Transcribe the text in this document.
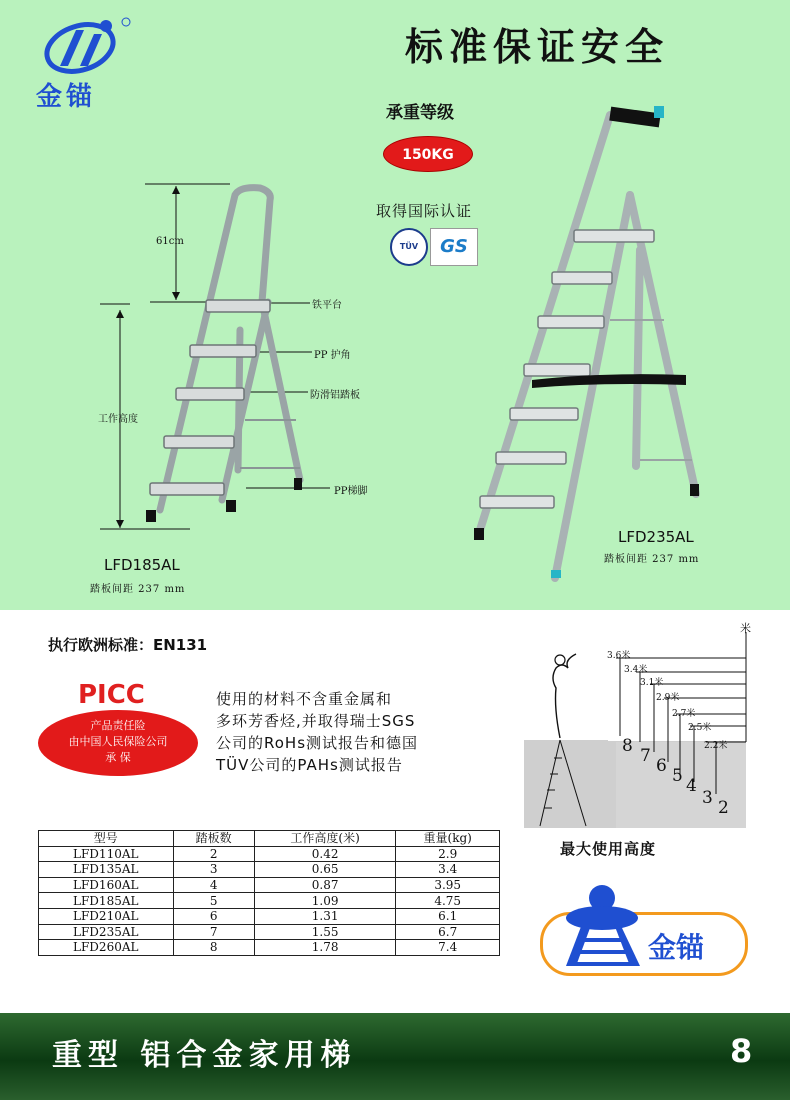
金锚
标准保证安全
承重等级
150KG
取得国际认证
TÜV	GS
61cm
铁平台
PP 护角
防滑铝踏板
PP梯脚
工作高度
LFD185AL
踏板间距 237 mm
LFD235AL
踏板间距 237 mm
执行欧洲标准：EN131
PICC
产品责任险
由中国人民保险公司
承 保
使用的材料不含重金属和
多环芳香烃,并取得瑞士SGS
公司的RoHs测试报告和德国
TÜV公司的PAHs测试报告
型号	踏板数	工作高度(米)	重量(kg)
LFD110AL	2	0.42	2.9
LFD135AL	3	0.65	3.4
LFD160AL	4	0.87	3.95
LFD185AL	5	1.09	4.75
LFD210AL	6	1.31	6.1
LFD235AL	7	1.55	6.7
LFD260AL	8	1.78	7.4
米
3.6米
3.4米
3.1米
2.9米
2.7米
2.5米
2.2米
8 7 6 5 4
3 2
最大使用高度
金锚
重型 铝合金家用梯	8
